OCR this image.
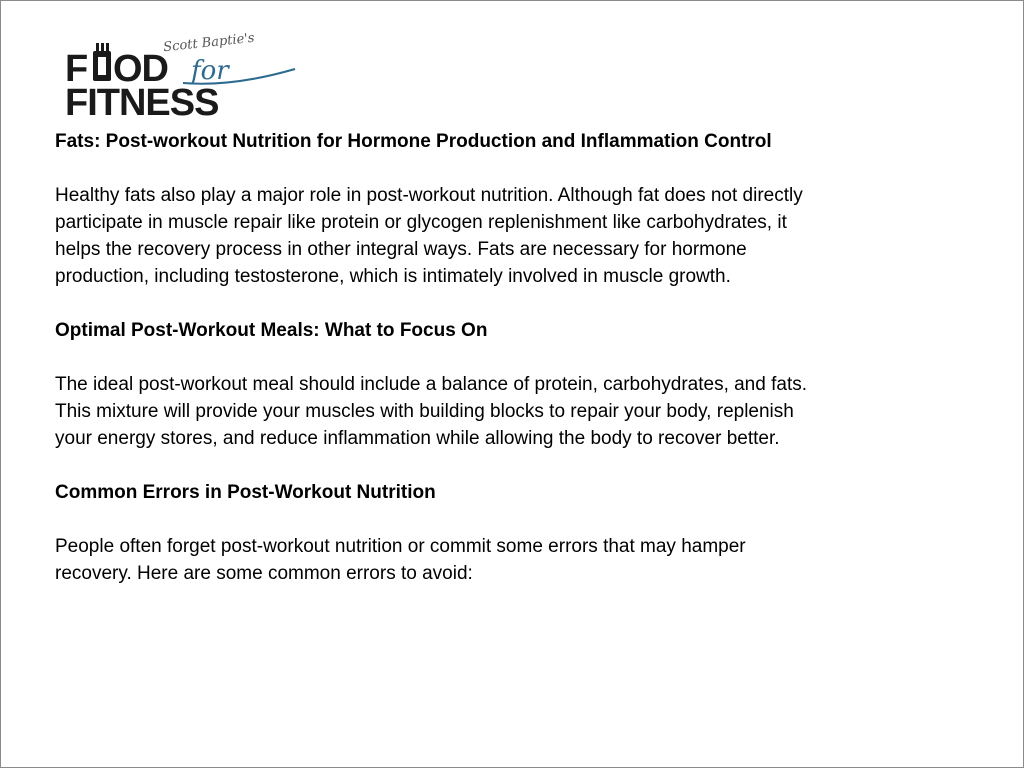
Scott Baptie's
F OD for
FITNESS

Fats: Post-workout Nutrition for Hormone Production and Inflammation Control

Healthy fats also play a major role in post-workout nutrition. Although fat does not directly

participate in muscle repair like protein or glycogen replenishment like carbohydrates, it

helps the recovery process in other integral ways. Fats are necessary for hormone

production, including testosterone, which is intimately involved in muscle growth.

Optimal Post-Workout Meals: What to Focus On

The ideal post-workout meal should include a balance of protein, carbohydrates, and fats.

This mixture will provide your muscles with building blocks to repair your body, replenish

your energy stores, and reduce inflammation while allowing the body to recover better.

Common Errors in Post-Workout Nutrition

People often forget post-workout nutrition or commit some errors that may hamper

recovery. Here are some common errors to avoid:
